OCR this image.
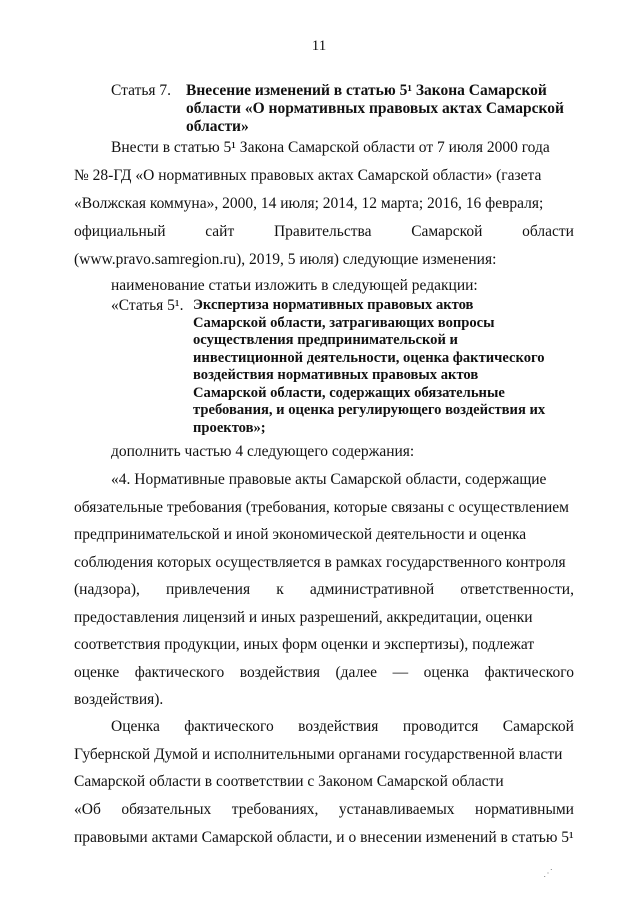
11
Статья 7. Внесение изменений в статью 5¹ Закона Самарской
области «О нормативных правовых актах Самарской
области»
Внести в статью 5¹ Закона Самарской области от 7 июля 2000 года
№ 28-ГД «О нормативных правовых актах Самарской области» (газета
«Волжская коммуна», 2000, 14 июля; 2014, 12 марта; 2016, 16 февраля;
официальный	сайт	Правительства	Самарской	области
(www.pravo.samregion.ru), 2019, 5 июля) следующие изменения:
наименование статьи изложить в следующей редакции:
дополнить частью 4 следующего содержания:
«4. Нормативные правовые акты Самарской области, содержащие
обязательные требования (требования, которые связаны с осуществлением
предпринимательской и иной экономической деятельности и оценка
соблюдения которых осуществляется в рамках государственного контроля
(надзора), привлечения к административной ответственности,
предоставления лицензий и иных разрешений, аккредитации, оценки
соответствия продукции, иных форм оценки и экспертизы), подлежат
оценке фактического воздействия (далее — оценка фактического
воздействия).
Оценка фактического воздействия проводится Самарской
Губернской Думой и исполнительными органами государственной власти
Самарской области в соответствии с Законом Самарской области
«Об обязательных требованиях, устанавливаемых нормативными
правовыми актами Самарской области, и о внесении изменений в статью 5¹
«Статья 5¹. Экспертиза нормативных правовых актов
Самарской области, затрагивающих вопросы
осуществления предпринимательской и
инвестиционной деятельности, оценка фактического
воздействия нормативных правовых актов
Самарской области, содержащих обязательные
требования, и оценка регулирующего воздействия их
проектов»;
⋰
